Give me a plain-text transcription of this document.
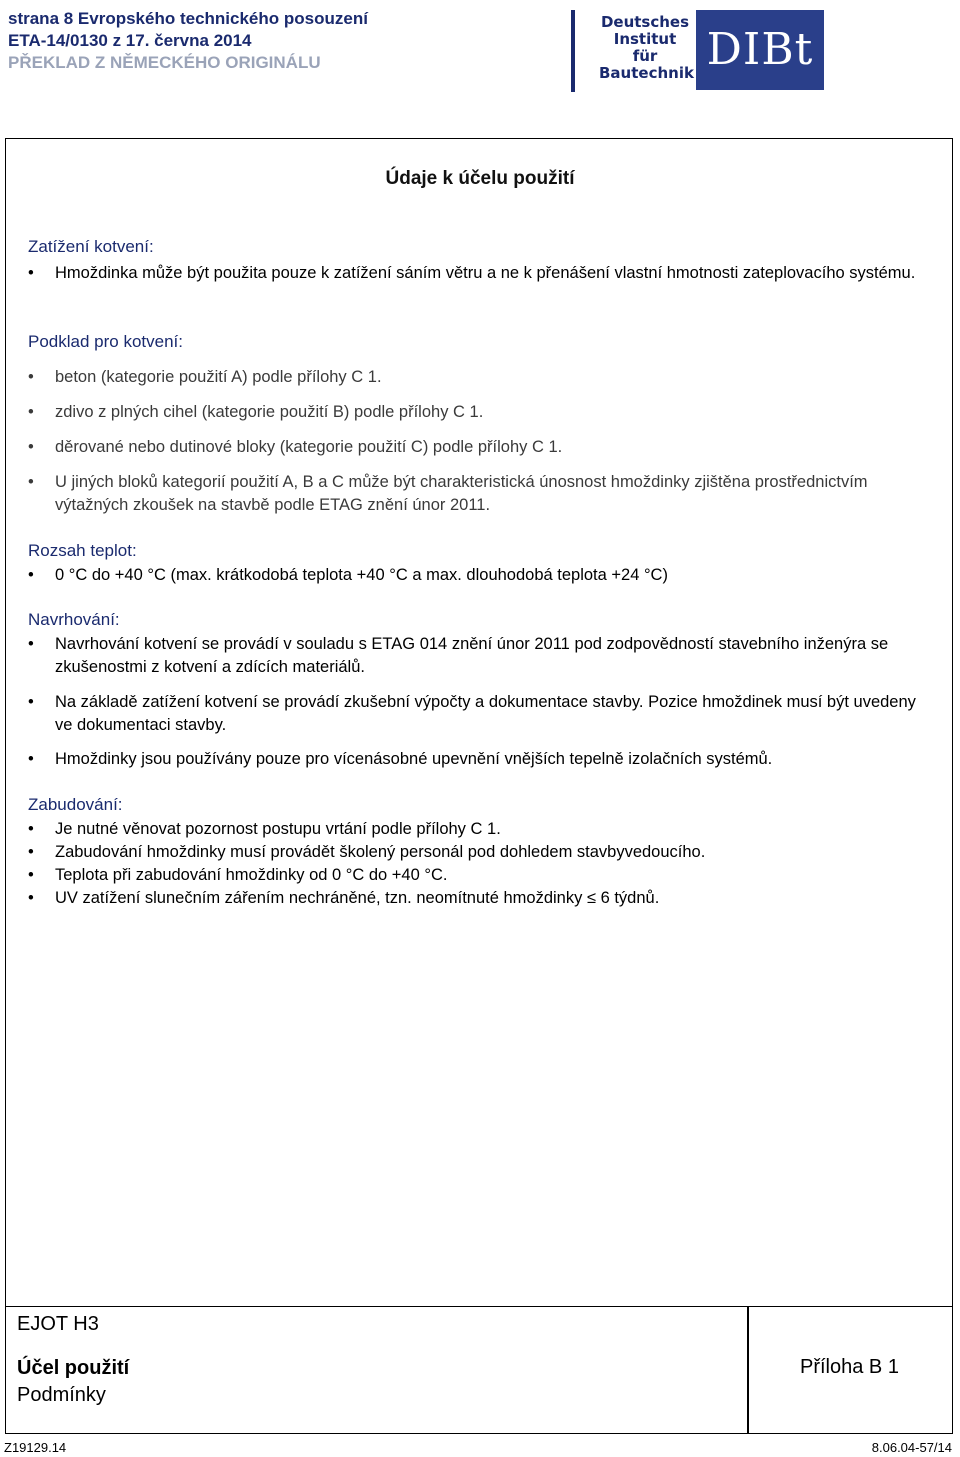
strana 8 Evropského technického posouzení
ETA-14/0130 z 17. června 2014
PŘEKLAD Z NĚMECKÉHO ORIGINÁLU
Deutsches
Institut
für
Bautechnik DIBt
Údaje k účelu použití
Zatížení kotvení:
• Hmoždinka může být použita pouze k zatížení sáním větru a ne k přenášení vlastní hmotnosti zateplovacího systému.
Podklad pro kotvení:
• beton (kategorie použití A) podle přílohy C 1.
• zdivo z plných cihel (kategorie použití B) podle přílohy C 1.
• děrované nebo dutinové bloky (kategorie použití C) podle přílohy C 1.
• U jiných bloků kategorií použití A, B a C může být charakteristická únosnost hmoždinky zjištěna prostřednictvím výtažných zkoušek na stavbě podle ETAG znění únor 2011.
Rozsah teplot:
• 0 °C do +40 °C (max. krátkodobá teplota +40 °C a max. dlouhodobá teplota +24 °C)
Navrhování:
• Navrhování kotvení se provádí v souladu s ETAG 014 znění únor 2011 pod zodpovědností stavebního inženýra se zkušenostmi z kotvení a zdících materiálů.
• Na základě zatížení kotvení se provádí zkušební výpočty a dokumentace stavby. Pozice hmoždinek musí být uvedeny ve dokumentaci stavby.
• Hmoždinky jsou používány pouze pro vícenásobné upevnění vnějších tepelně izolačních systémů.
Zabudování:
• Je nutné věnovat pozornost postupu vrtání podle přílohy C 1.
• Zabudování hmoždinky musí provádět školený personál pod dohledem stavbyvedoucího.
• Teplota při zabudování hmoždinky od 0 °C do +40 °C.
• UV zatížení slunečním zářením nechráněné, tzn. neomítnuté hmoždinky ≤ 6 týdnů.
EJOT H3
Účel použití
Podmínky
Příloha B 1
Z19129.14	8.06.04-57/14
